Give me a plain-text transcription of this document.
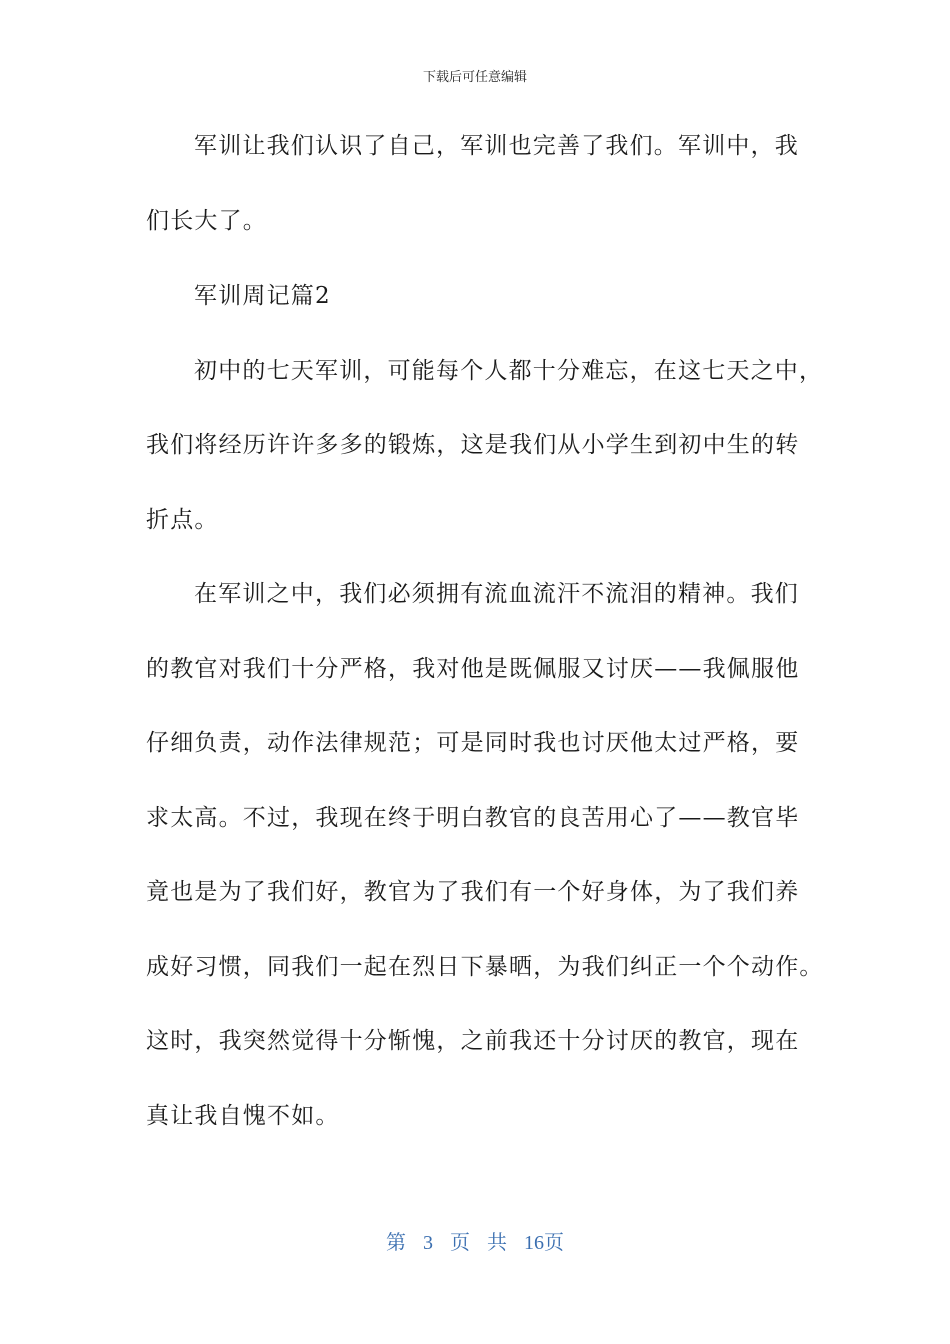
下载后可任意编辑
军训让我们认识了自己，军训也完善了我们。军训中，我
们长大了。
军训周记篇2
初中的七天军训，可能每个人都十分难忘，在这七天之中，
我们将经历许许多多的锻炼，这是我们从小学生到初中生的转
折点。
在军训之中，我们必须拥有流血流汗不流泪的精神。我们
的教官对我们十分严格，我对他是既佩服又讨厌——我佩服他
仔细负责，动作法律规范；可是同时我也讨厌他太过严格，要
求太高。不过，我现在终于明白教官的良苦用心了——教官毕
竟也是为了我们好，教官为了我们有一个好身体，为了我们养
成好习惯，同我们一起在烈日下暴晒，为我们纠正一个个动作。
这时，我突然觉得十分惭愧，之前我还十分讨厌的教官，现在
真让我自愧不如。
第 3 页 共 16页
